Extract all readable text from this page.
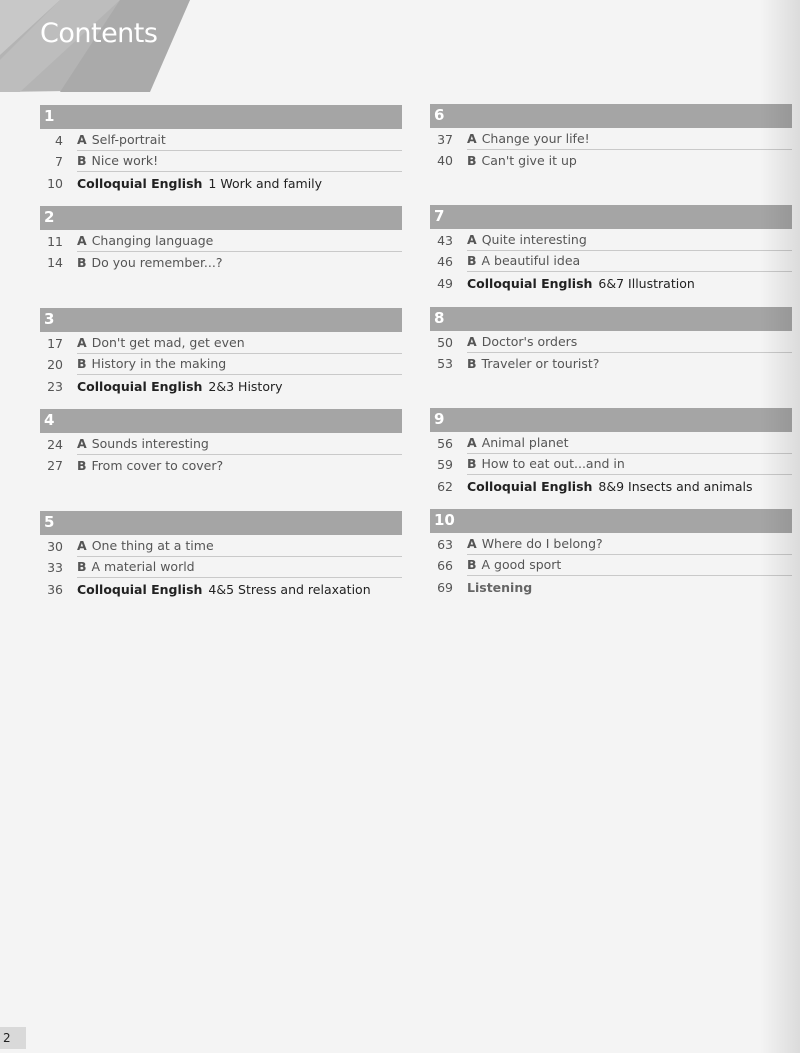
Contents
1
4 A Self-portrait
7 B Nice work!
10 Colloquial English 1 Work and family
2
11 A Changing language
14 B Do you remember...?
3
17 A Don't get mad, get even
20 B History in the making
23 Colloquial English 2&3 History
4
24 A Sounds interesting
27 B From cover to cover?
5
30 A One thing at a time
33 B A material world
36 Colloquial English 4&5 Stress and relaxation
6
37 A Change your life!
40 B Can't give it up
7
43 A Quite interesting
46 B A beautiful idea
49 Colloquial English 6&7 Illustration
8
50 A Doctor's orders
53 B Traveler or tourist?
9
56 A Animal planet
59 B How to eat out...and in
62 Colloquial English 8&9 Insects and animals
10
63 A Where do I belong?
66 B A good sport
69 Listening
2
